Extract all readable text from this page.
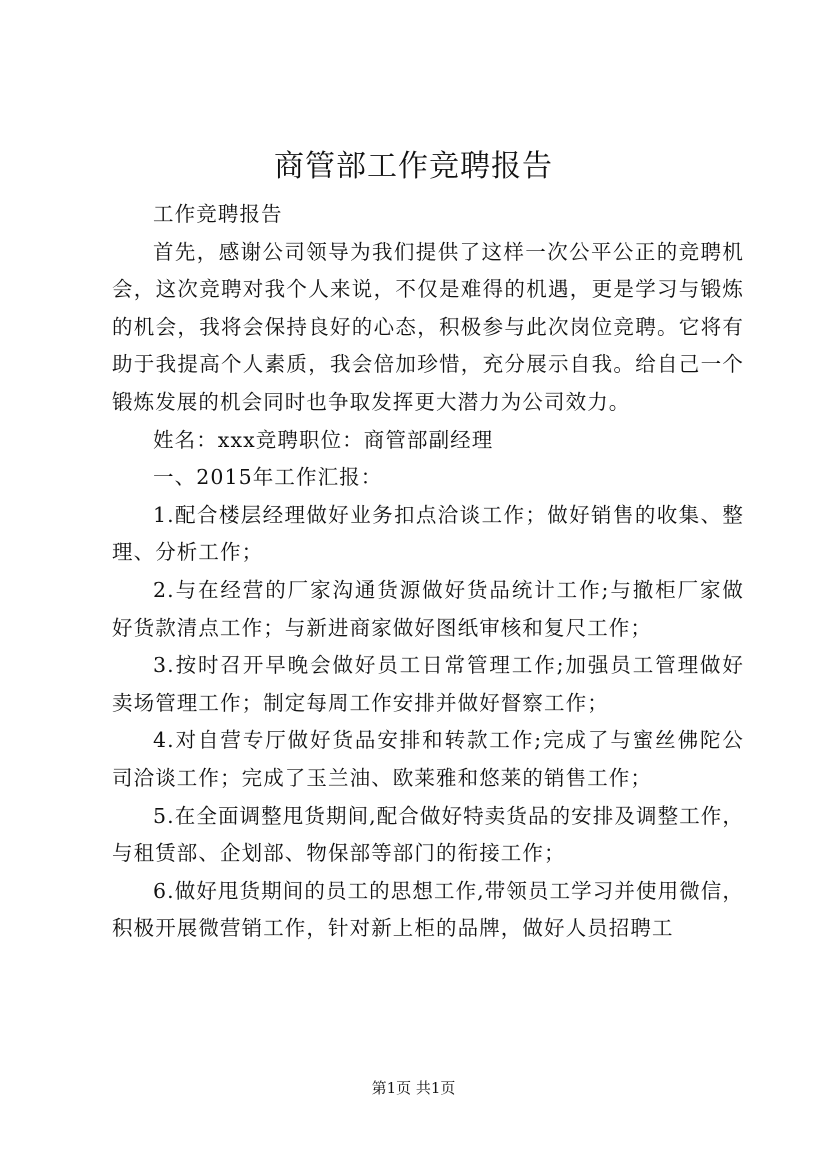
商管部工作竞聘报告

工作竞聘报告

首先，感谢公司领导为我们提供了这样一次公平公正的竞聘机会，这次竞聘对我个人来说，不仅是难得的机遇，更是学习与锻炼的机会，我将会保持良好的心态，积极参与此次岗位竞聘。它将有助于我提高个人素质，我会倍加珍惜，充分展示自我。给自己一个锻炼发展的机会同时也争取发挥更大潜力为公司效力。

姓名：xxx竞聘职位：商管部副经理

一、2015年工作汇报：

1.配合楼层经理做好业务扣点洽谈工作；做好销售的收集、整理、分析工作；

2.与在经营的厂家沟通货源做好货品统计工作;与撤柜厂家做好货款清点工作；与新进商家做好图纸审核和复尺工作；

3.按时召开早晚会做好员工日常管理工作;加强员工管理做好卖场管理工作；制定每周工作安排并做好督察工作；

4.对自营专厅做好货品安排和转款工作;完成了与蜜丝佛陀公司洽谈工作；完成了玉兰油、欧莱雅和悠莱的销售工作；

5.在全面调整甩货期间,配合做好特卖货品的安排及调整工作，与租赁部、企划部、物保部等部门的衔接工作；

6.做好甩货期间的员工的思想工作,带领员工学习并使用微信，积极开展微营销工作，针对新上柜的品牌，做好人员招聘工

第1页 共1页
